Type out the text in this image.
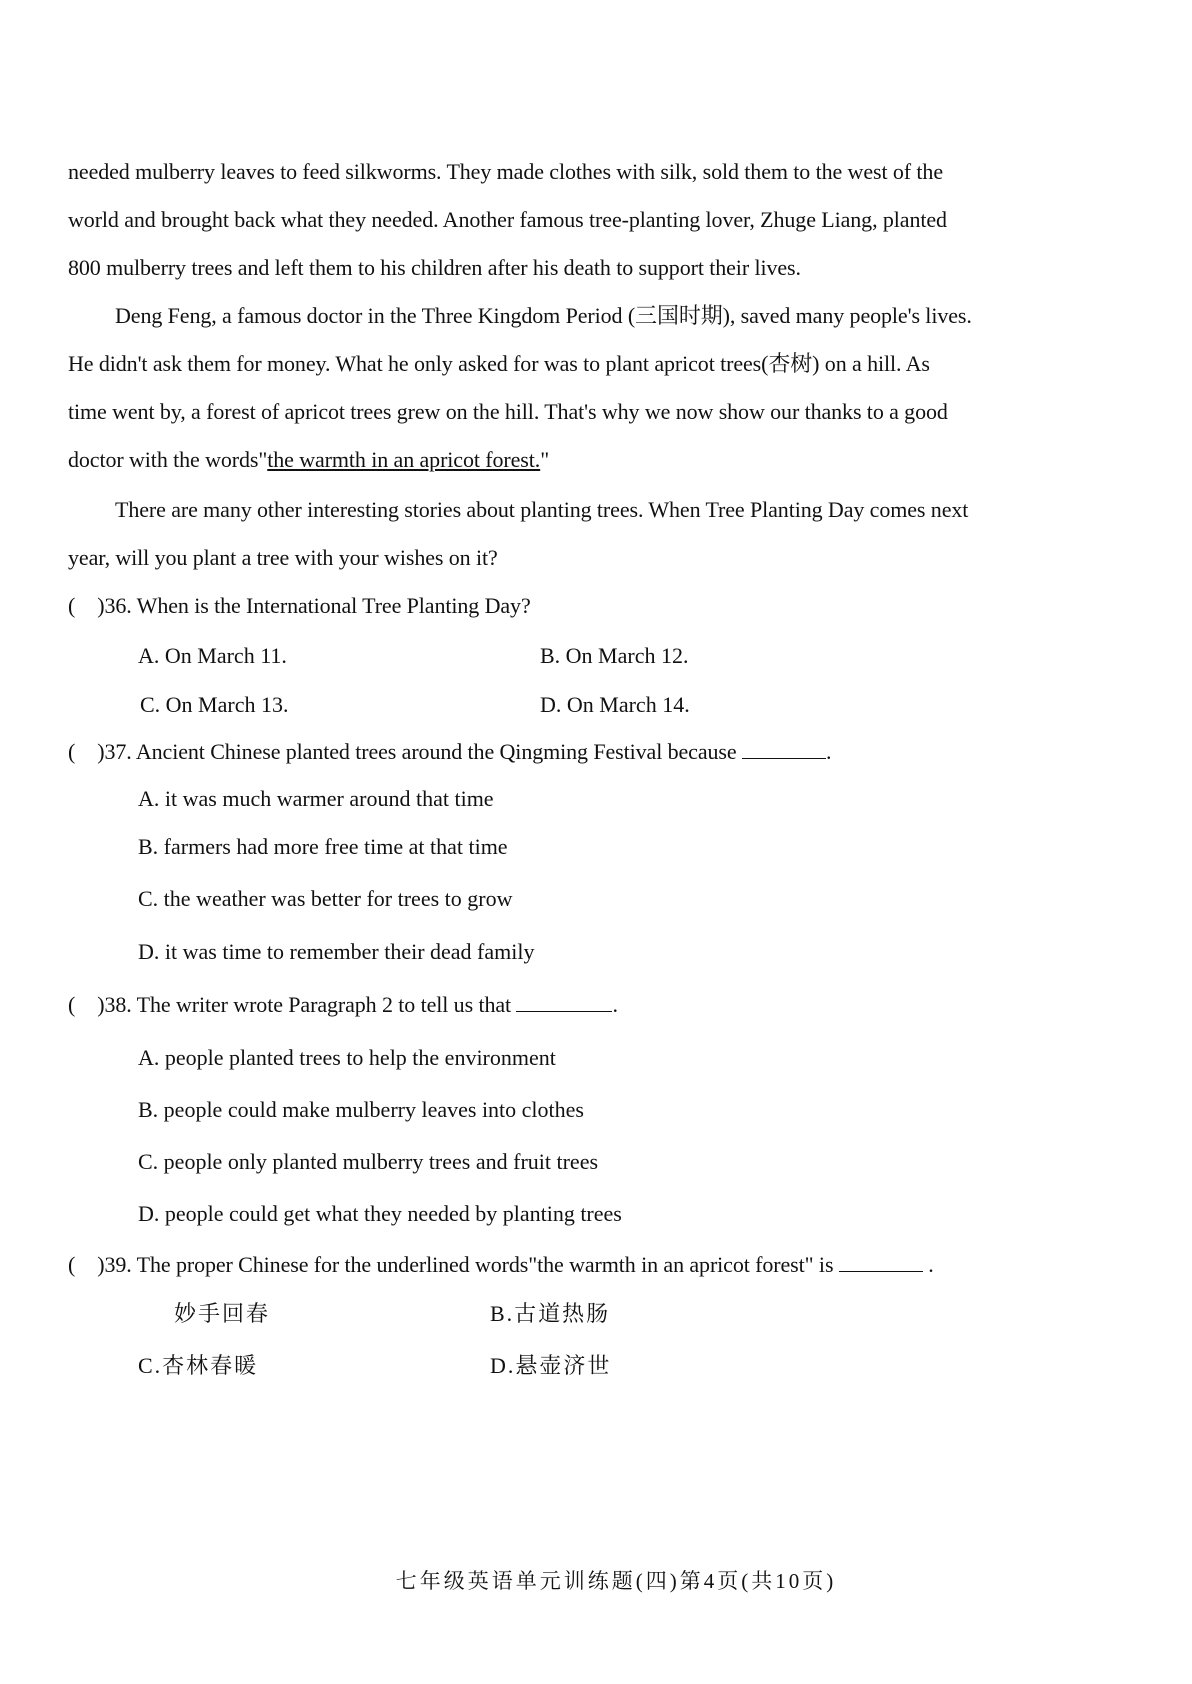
needed mulberry leaves to feed silkworms. They made clothes with silk, sold them to the west of the
world and brought back what they needed. Another famous tree-planting lover, Zhuge Liang, planted
800 mulberry trees and left them to his children after his death to support their lives.
Deng Feng, a famous doctor in the Three Kingdom Period (三国时期), saved many people's lives.
He didn't ask them for money. What he only asked for was to plant apricot trees(杏树) on a hill. As
time went by, a forest of apricot trees grew on the hill. That's why we now show our thanks to a good
doctor with the words"the warmth in an apricot forest."
There are many other interesting stories about planting trees. When Tree Planting Day comes next
year, will you plant a tree with your wishes on it?
( )36. When is the International Tree Planting Day?
A. On March 11.	B. On March 12.
C. On March 13.	D. On March 14.
( )37. Ancient Chinese planted trees around the Qingming Festival because	.
A. it was much warmer around that time
B. farmers had more free time at that time
C. the weather was better for trees to grow
D. it was time to remember their dead family
( )38. The writer wrote Paragraph 2 to tell us that	.
A. people planted trees to help the environment
B. people could make mulberry leaves into clothes
C. people only planted mulberry trees and fruit trees
D. people could get what they needed by planting trees
( )39. The proper Chinese for the underlined words"the warmth in an apricot forest" is	.
妙手回春	B.古道热肠
C.杏林春暖	D.悬壶济世
七年级英语单元训练题(四)第4页(共10页)
